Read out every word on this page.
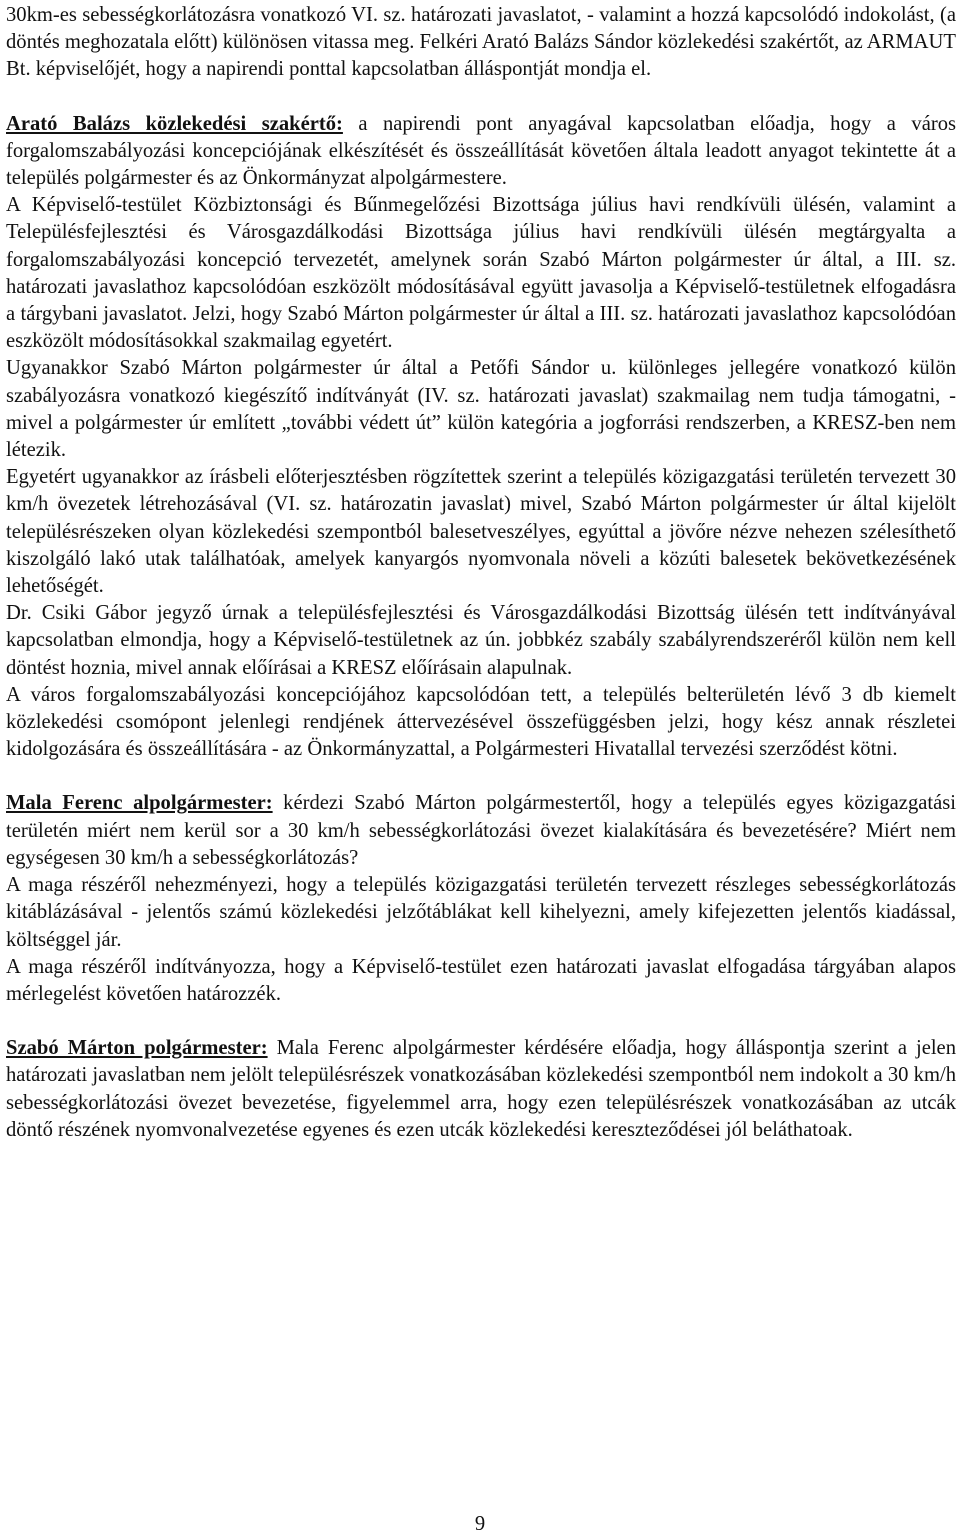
30km-es sebességkorlátozásra vonatkozó VI. sz. határozati javaslatot, - valamint a hozzá kapcsolódó indokolást, (a döntés meghozatala előtt) különösen vitassa meg. Felkéri Arató Balázs Sándor közlekedési szakértőt, az ARMAUT Bt. képviselőjét, hogy a napirendi ponttal kapcsolatban álláspontját mondja el.

Arató Balázs közlekedési szakértő: a napirendi pont anyagával kapcsolatban előadja, hogy a város forgalomszabályozási koncepciójának elkészítését és összeállítását követően általa leadott anyagot tekintette át a település polgármester és az Önkormányzat alpolgármestere.

A Képviselő-testület Közbiztonsági és Bűnmegelőzési Bizottsága július havi rendkívüli ülésén, valamint a Településfejlesztési és Városgazdálkodási Bizottsága július havi rendkívüli ülésén megtárgyalta a forgalomszabályozási koncepció tervezetét, amelynek során Szabó Márton polgármester úr által, a III. sz. határozati javaslathoz kapcsolódóan eszközölt módosításával együtt javasolja a Képviselő-testületnek elfogadásra a tárgybani javaslatot. Jelzi, hogy Szabó Márton polgármester úr által a III. sz. határozati javaslathoz kapcsolódóan eszközölt módosításokkal szakmailag egyetért.

Ugyanakkor Szabó Márton polgármester úr által a Petőfi Sándor u. különleges jellegére vonatkozó külön szabályozásra vonatkozó kiegészítő indítványát (IV. sz. határozati javaslat) szakmailag nem tudja támogatni, - mivel a polgármester úr említett „további védett út” külön kategória a jogforrási rendszerben, a KRESZ-ben nem létezik.

Egyetért ugyanakkor az írásbeli előterjesztésben rögzítettek szerint a település közigazgatási területén tervezett 30 km/h övezetek létrehozásával (VI. sz. határozatin javaslat) mivel, Szabó Márton polgármester úr által kijelölt településrészeken olyan közlekedési szempontból balesetveszélyes, egyúttal a jövőre nézve nehezen szélesíthető kiszolgáló lakó utak találhatóak, amelyek kanyargós nyomvonala növeli a közúti balesetek bekövetkezésének lehetőségét.

Dr. Csiki Gábor jegyző úrnak a településfejlesztési és Városgazdálkodási Bizottság ülésén tett indítványával kapcsolatban elmondja, hogy a Képviselő-testületnek az ún. jobbkéz szabály szabályrendszeréről külön nem kell döntést hoznia, mivel annak előírásai a KRESZ előírásain alapulnak.

A város forgalomszabályozási koncepciójához kapcsolódóan tett, a település belterületén lévő 3 db kiemelt közlekedési csomópont jelenlegi rendjének áttervezésével összefüggésben jelzi, hogy kész annak részletei kidolgozására és összeállítására - az Önkormányzattal, a Polgármesteri Hivatallal tervezési szerződést kötni.

Mala Ferenc alpolgármester: kérdezi Szabó Márton polgármestertől, hogy a település egyes közigazgatási területén miért nem kerül sor a 30 km/h sebességkorlátozási övezet kialakítására és bevezetésére? Miért nem egységesen 30 km/h a sebességkorlátozás?

A maga részéről nehezményezi, hogy a település közigazgatási területén tervezett részleges sebességkorlátozás kitáblázásával - jelentős számú közlekedési jelzőtáblákat kell kihelyezni, amely kifejezetten jelentős kiadással, költséggel jár.

A maga részéről indítványozza, hogy a Képviselő-testület ezen határozati javaslat elfogadása tárgyában alapos mérlegelést követően határozzék.

Szabó Márton polgármester: Mala Ferenc alpolgármester kérdésére előadja, hogy álláspontja szerint a jelen határozati javaslatban nem jelölt településrészek vonatkozásában közlekedési szempontból nem indokolt a 30 km/h sebességkorlátozási övezet bevezetése, figyelemmel arra, hogy ezen településrészek vonatkozásában az utcák döntő részének nyomvonalvezetése egyenes és ezen utcák közlekedési kereszteződései jól beláthatoak.

9
